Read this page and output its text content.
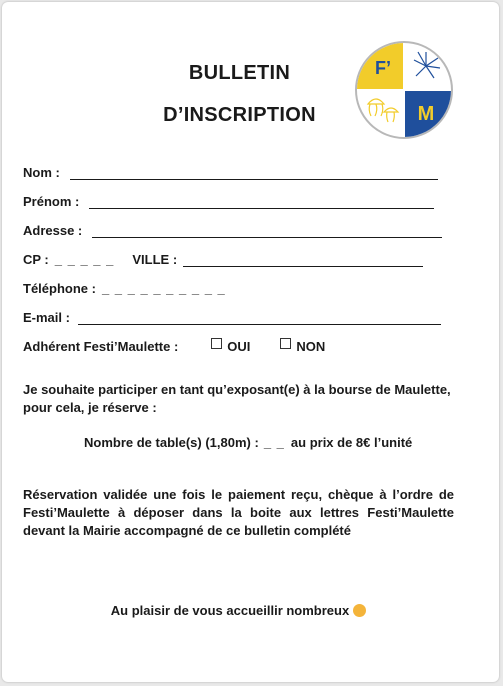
BULLETIN
D’INSCRIPTION
F’
M
Nom :
Prénom :
Adresse :
CP : _ _ _ _ _ VILLE :
Téléphone : _ _ _ _ _ _ _ _ _ _
E-mail :
Adhérent Festi’Maulette :	OUI	NON
Je souhaite participer en tant qu’exposant(e) à la bourse de Maulette, pour cela, je réserve :
Nombre de table(s) (1,80m) : _ _ au prix de 8€ l’unité
Réservation validée une fois le paiement reçu, chèque à l’ordre de Festi’Maulette à déposer dans la boite aux lettres Festi’Maulette devant la Mairie accompagné de ce bulletin complété
Au plaisir de vous accueillir nombreux
